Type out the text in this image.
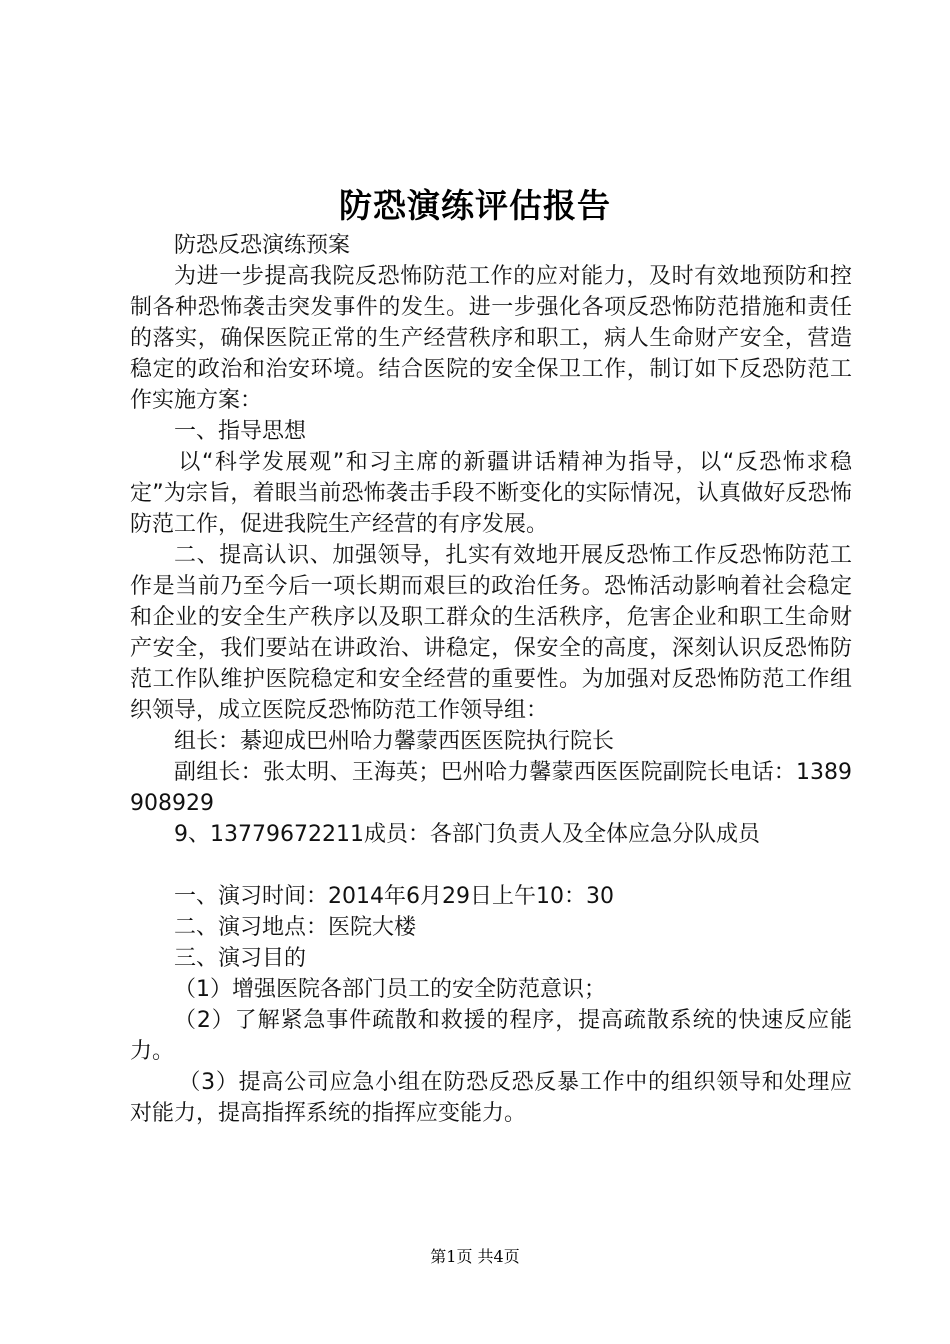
防恐演练评估报告

防恐反恐演练预案

为进一步提高我院反恐怖防范工作的应对能力，及时有效地预防和控制各种恐怖袭击突发事件的发生。进一步强化各项反恐怖防范措施和责任的落实，确保医院正常的生产经营秩序和职工，病人生命财产安全，营造稳定的政治和治安环境。结合医院的安全保卫工作，制订如下反恐防范工作实施方案：

一、指导思想

以“科学发展观”和习主席的新疆讲话精神为指导，以“反恐怖求稳定”为宗旨，着眼当前恐怖袭击手段不断变化的实际情况，认真做好反恐怖防范工作，促进我院生产经营的有序发展。

二、提高认识、加强领导，扎实有效地开展反恐怖工作反恐怖防范工作是当前乃至今后一项长期而艰巨的政治任务。恐怖活动影响着社会稳定和企业的安全生产秩序以及职工群众的生活秩序，危害企业和职工生命财产安全，我们要站在讲政治、讲稳定，保安全的高度，深刻认识反恐怖防范工作队维护医院稳定和安全经营的重要性。为加强对反恐怖防范工作组织领导，成立医院反恐怖防范工作领导组：

组长：綦迎成巴州哈力馨蒙西医医院执行院长

副组长：张太明、王海英；巴州哈力馨蒙西医医院副院长电话：1389908929

9、13779672211成员：各部门负责人及全体应急分队成员

一、演习时间：2014年6月29日上午10：30

二、演习地点：医院大楼

三、演习目的

（1）增强医院各部门员工的安全防范意识；

（2）了解紧急事件疏散和救援的程序，提高疏散系统的快速反应能力。

（3）提高公司应急小组在防恐反恐反暴工作中的组织领导和处理应对能力，提高指挥系统的指挥应变能力。

第1页 共4页
